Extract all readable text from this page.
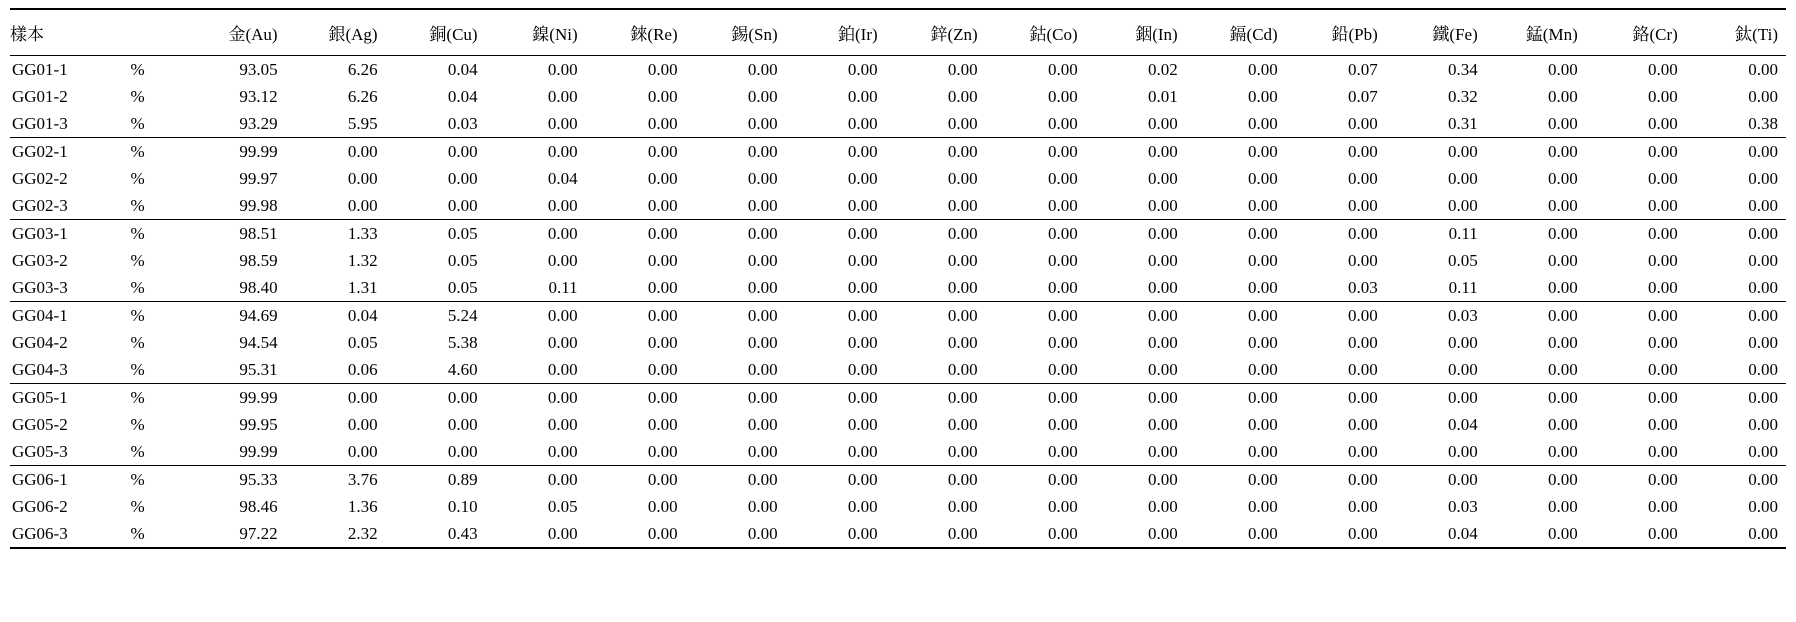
樣本		金(Au)	銀(Ag)	銅(Cu)	鎳(Ni)	錸(Re)	錫(Sn)	鉑(Ir)	鋅(Zn)	鈷(Co)	銦(In)	鎘(Cd)	鉛(Pb)	鐵(Fe)	錳(Mn)	鉻(Cr)	鈦(Ti)
GG01-1	%	93.05	6.26	0.04	0.00	0.00	0.00	0.00	0.00	0.00	0.02	0.00	0.07	0.34	0.00	0.00	0.00
GG01-2	%	93.12	6.26	0.04	0.00	0.00	0.00	0.00	0.00	0.00	0.01	0.00	0.07	0.32	0.00	0.00	0.00
GG01-3	%	93.29	5.95	0.03	0.00	0.00	0.00	0.00	0.00	0.00	0.00	0.00	0.00	0.31	0.00	0.00	0.38
GG02-1	%	99.99	0.00	0.00	0.00	0.00	0.00	0.00	0.00	0.00	0.00	0.00	0.00	0.00	0.00	0.00	0.00
GG02-2	%	99.97	0.00	0.00	0.04	0.00	0.00	0.00	0.00	0.00	0.00	0.00	0.00	0.00	0.00	0.00	0.00
GG02-3	%	99.98	0.00	0.00	0.00	0.00	0.00	0.00	0.00	0.00	0.00	0.00	0.00	0.00	0.00	0.00	0.00
GG03-1	%	98.51	1.33	0.05	0.00	0.00	0.00	0.00	0.00	0.00	0.00	0.00	0.00	0.11	0.00	0.00	0.00
GG03-2	%	98.59	1.32	0.05	0.00	0.00	0.00	0.00	0.00	0.00	0.00	0.00	0.00	0.05	0.00	0.00	0.00
GG03-3	%	98.40	1.31	0.05	0.11	0.00	0.00	0.00	0.00	0.00	0.00	0.00	0.03	0.11	0.00	0.00	0.00
GG04-1	%	94.69	0.04	5.24	0.00	0.00	0.00	0.00	0.00	0.00	0.00	0.00	0.00	0.03	0.00	0.00	0.00
GG04-2	%	94.54	0.05	5.38	0.00	0.00	0.00	0.00	0.00	0.00	0.00	0.00	0.00	0.00	0.00	0.00	0.00
GG04-3	%	95.31	0.06	4.60	0.00	0.00	0.00	0.00	0.00	0.00	0.00	0.00	0.00	0.00	0.00	0.00	0.00
GG05-1	%	99.99	0.00	0.00	0.00	0.00	0.00	0.00	0.00	0.00	0.00	0.00	0.00	0.00	0.00	0.00	0.00
GG05-2	%	99.95	0.00	0.00	0.00	0.00	0.00	0.00	0.00	0.00	0.00	0.00	0.00	0.04	0.00	0.00	0.00
GG05-3	%	99.99	0.00	0.00	0.00	0.00	0.00	0.00	0.00	0.00	0.00	0.00	0.00	0.00	0.00	0.00	0.00
GG06-1	%	95.33	3.76	0.89	0.00	0.00	0.00	0.00	0.00	0.00	0.00	0.00	0.00	0.00	0.00	0.00	0.00
GG06-2	%	98.46	1.36	0.10	0.05	0.00	0.00	0.00	0.00	0.00	0.00	0.00	0.00	0.03	0.00	0.00	0.00
GG06-3	%	97.22	2.32	0.43	0.00	0.00	0.00	0.00	0.00	0.00	0.00	0.00	0.00	0.04	0.00	0.00	0.00
